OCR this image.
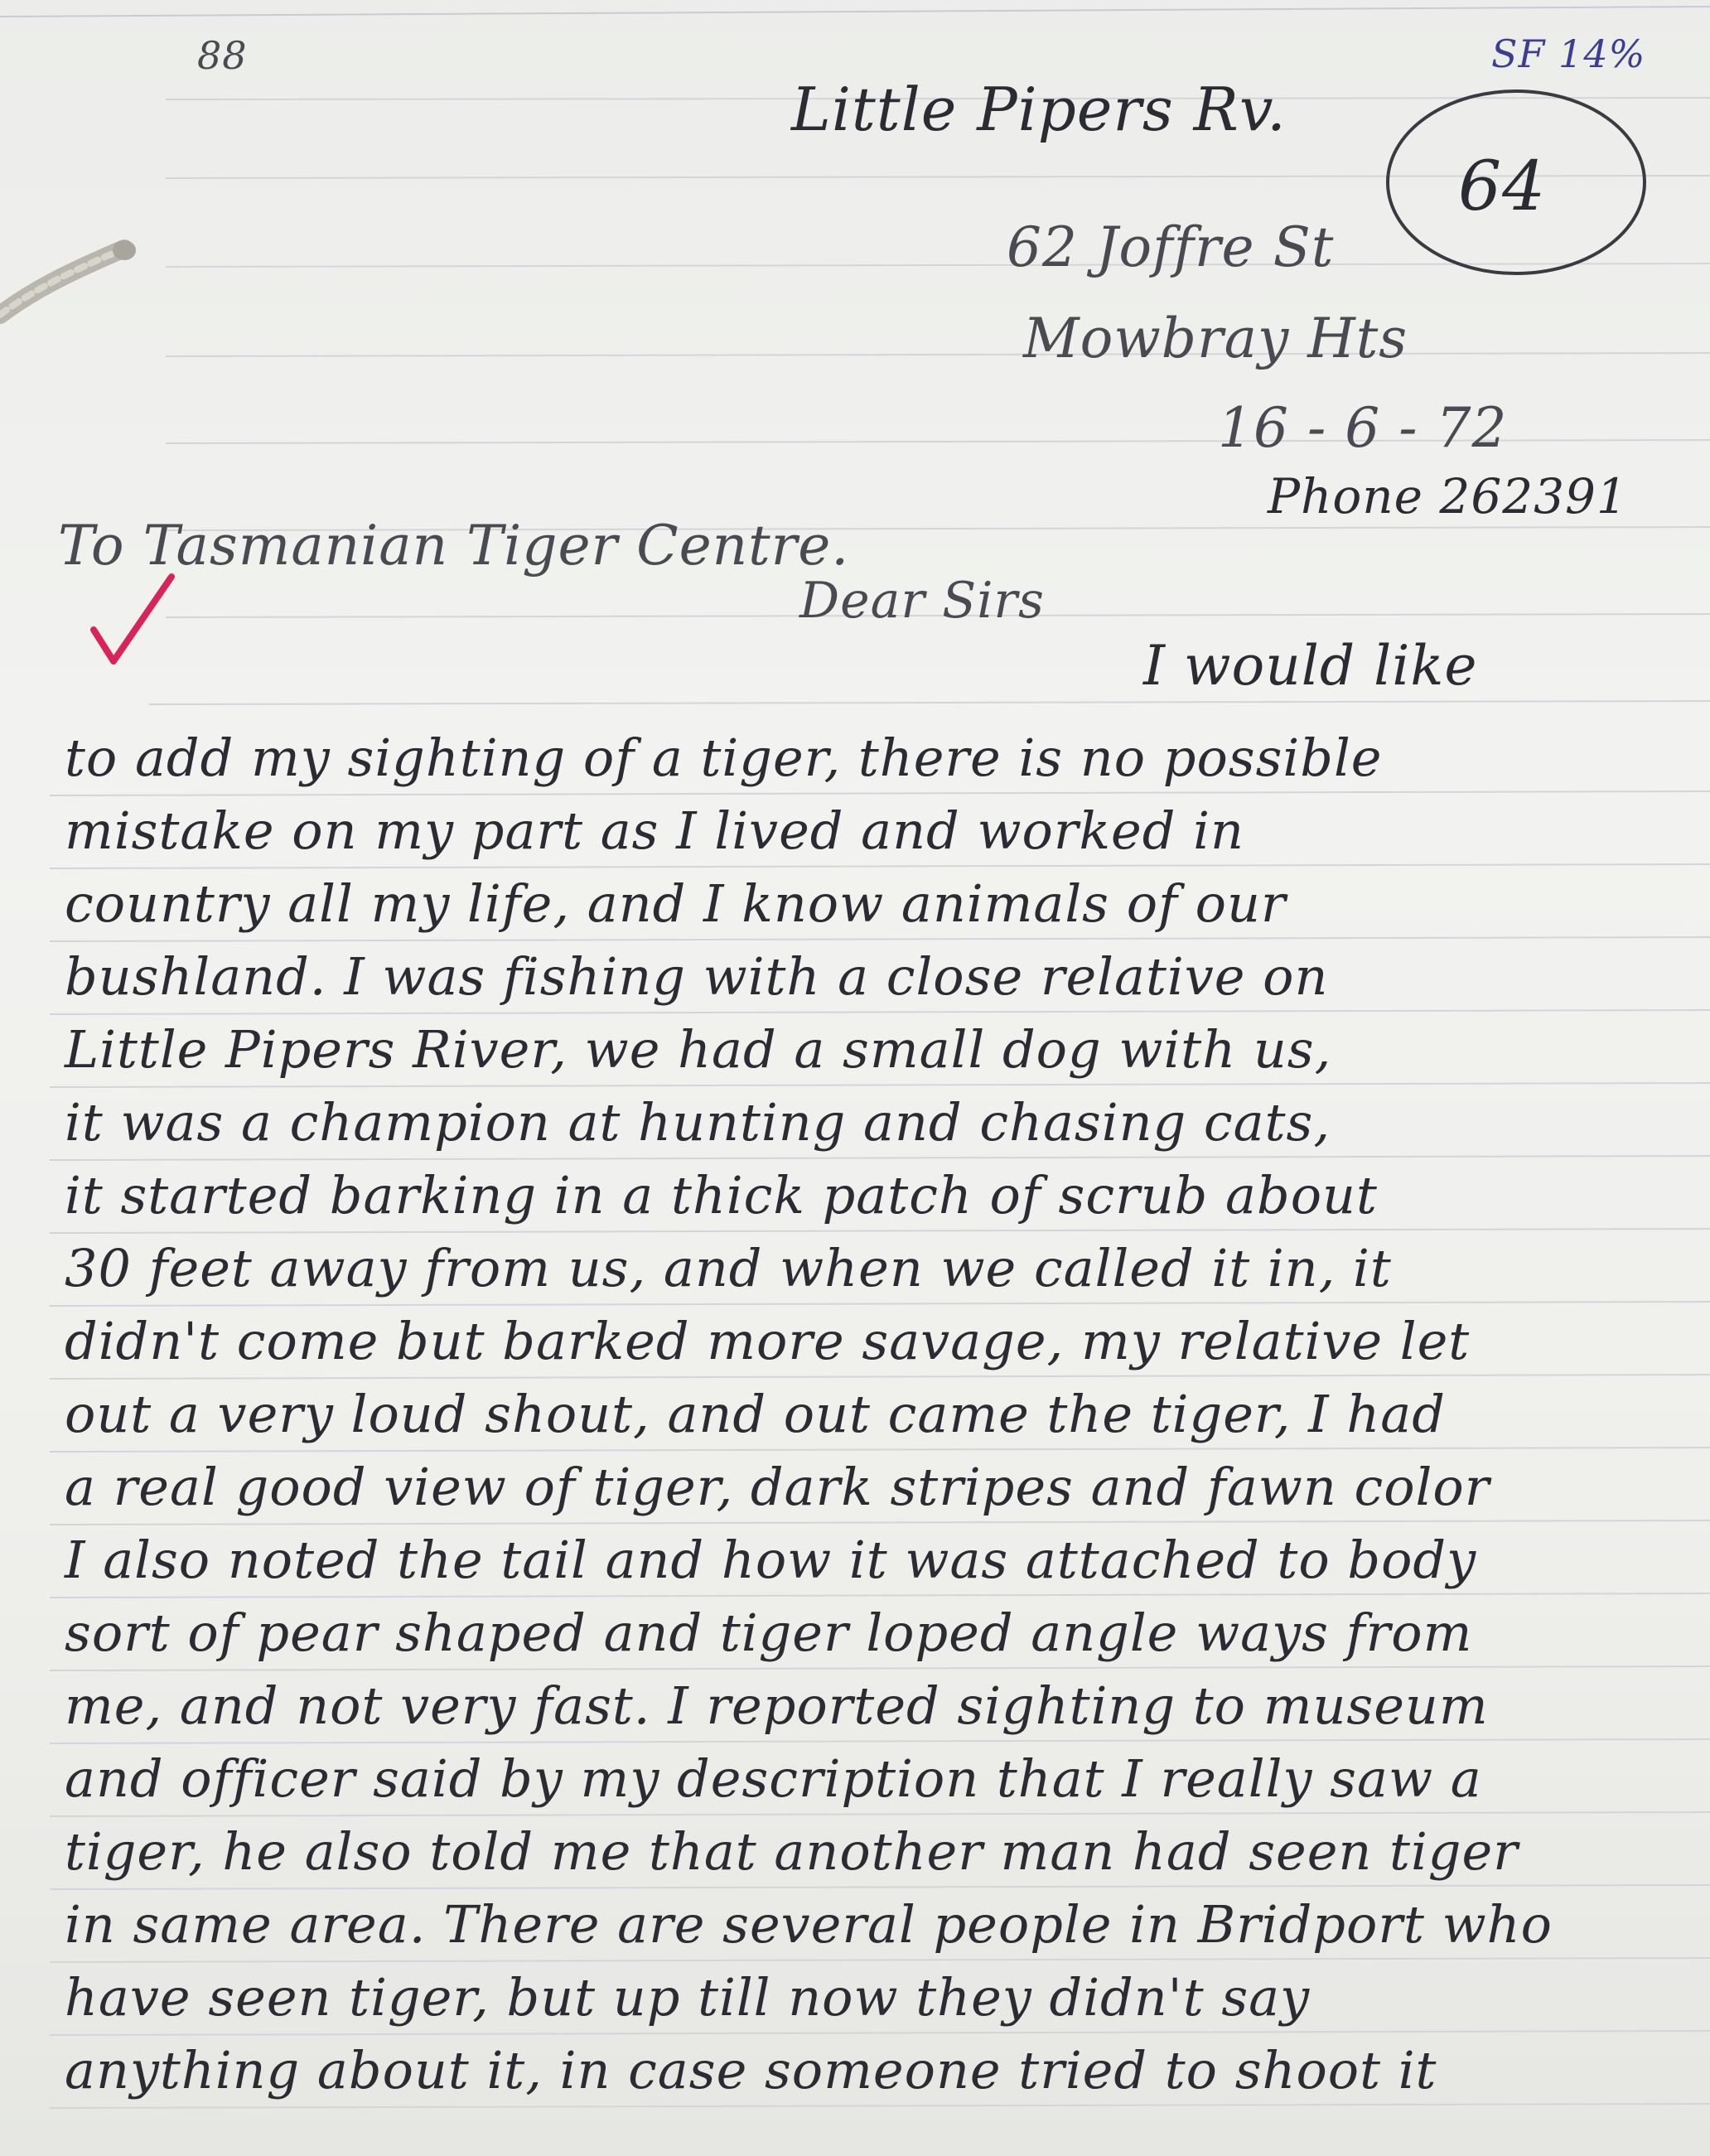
88	SF 14%
64
Little Pipers Rv.
62 Joffre St
Mowbray Hts
16 - 6 - 72
Phone 262391
To Tasmanian Tiger Centre.
Dear Sirs
I would like
to add my sighting of a tiger, there is no possible
mistake on my part as I lived and worked in
country all my life, and I know animals of our
bushland. I was fishing with a close relative on
Little Pipers River, we had a small dog with us,
it was a champion at hunting and chasing cats,
it started barking in a thick patch of scrub about
30 feet away from us, and when we called it in, it
didn't come but barked more savage, my relative let
out a very loud shout, and out came the tiger, I had
a real good view of tiger, dark stripes and fawn color
I also noted the tail and how it was attached to body
sort of pear shaped and tiger loped angle ways from
me, and not very fast. I reported sighting to museum
and officer said by my description that I really saw a
tiger, he also told me that another man had seen tiger
in same area. There are several people in Bridport who
have seen tiger, but up till now they didn't say
anything about it, in case someone tried to shoot it
